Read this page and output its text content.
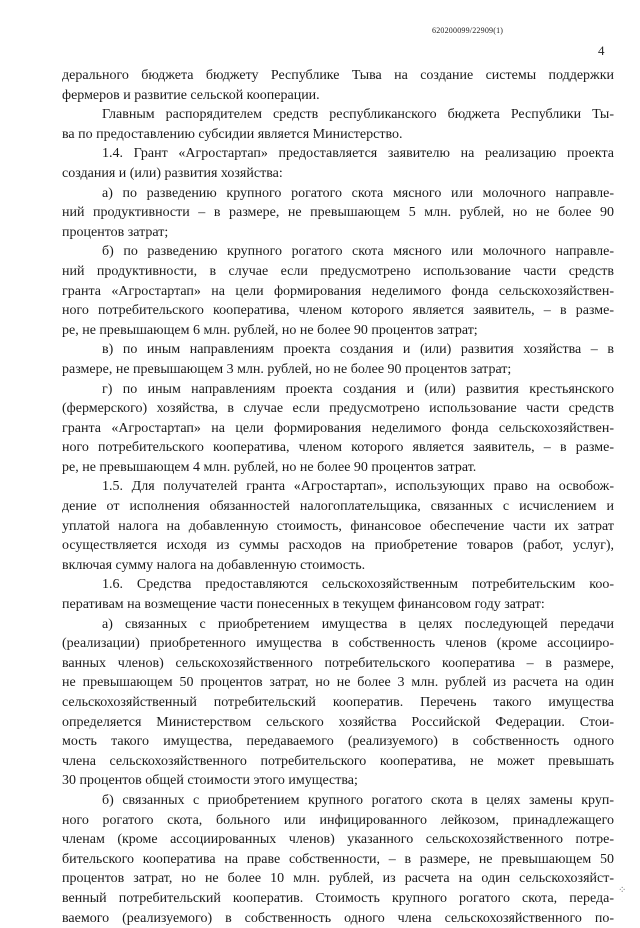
620200099/22909(1)
4
дерального бюджета бюджету Республике Тыва на создание системы поддержки
фермеров и развитие сельской кооперации.
Главным распорядителем средств республиканского бюджета Республики Ты-
ва по предоставлению субсидии является Министерство.
1.4. Грант «Агростартап» предоставляется заявителю на реализацию проекта
создания и (или) развития хозяйства:
а) по разведению крупного рогатого скота мясного или молочного направле-
ний продуктивности – в размере, не превышающем 5 млн. рублей, но не более 90
процентов затрат;
б) по разведению крупного рогатого скота мясного или молочного направле-
ний продуктивности, в случае если предусмотрено использование части средств
гранта «Агростартап» на цели формирования неделимого фонда сельскохозяйствен-
ного потребительского кооператива, членом которого является заявитель, – в разме-
ре, не превышающем 6 млн. рублей, но не более 90 процентов затрат;
в) по иным направлениям проекта создания и (или) развития хозяйства – в
размере, не превышающем 3 млн. рублей, но не более 90 процентов затрат;
г) по иным направлениям проекта создания и (или) развития крестьянского
(фермерского) хозяйства, в случае если предусмотрено использование части средств
гранта «Агростартап» на цели формирования неделимого фонда сельскохозяйствен-
ного потребительского кооператива, членом которого является заявитель, – в разме-
ре, не превышающем 4 млн. рублей, но не более 90 процентов затрат.
1.5. Для получателей гранта «Агростартап», использующих право на освобож-
дение от исполнения обязанностей налогоплательщика, связанных с исчислением и
уплатой налога на добавленную стоимость, финансовое обеспечение части их затрат
осуществляется исходя из суммы расходов на приобретение товаров (работ, услуг),
включая сумму налога на добавленную стоимость.
1.6. Средства предоставляются сельскохозяйственным потребительским коо-
перативам на возмещение части понесенных в текущем финансовом году затрат:
а) связанных с приобретением имущества в целях последующей передачи
(реализации) приобретенного имущества в собственность членов (кроме ассоцииро-
ванных членов) сельскохозяйственного потребительского кооператива – в размере,
не превышающем 50 процентов затрат, но не более 3 млн. рублей из расчета на один
сельскохозяйственный потребительский кооператив. Перечень такого имущества
определяется Министерством сельского хозяйства Российской Федерации. Стои-
мость такого имущества, передаваемого (реализуемого) в собственность одного
члена сельскохозяйственного потребительского кооператива, не может превышать
30 процентов общей стоимости этого имущества;
б) связанных с приобретением крупного рогатого скота в целях замены круп-
ного рогатого скота, больного или инфицированного лейкозом, принадлежащего
членам (кроме ассоциированных членов) указанного сельскохозяйственного потре-
бительского кооператива на праве собственности, – в размере, не превышающем 50
процентов затрат, но не более 10 млн. рублей, из расчета на один сельскохозяйст-
венный потребительский кооператив. Стоимость крупного рогатого скота, переда-
ваемого (реализуемого) в собственность одного члена сельскохозяйственного по-
⁘
